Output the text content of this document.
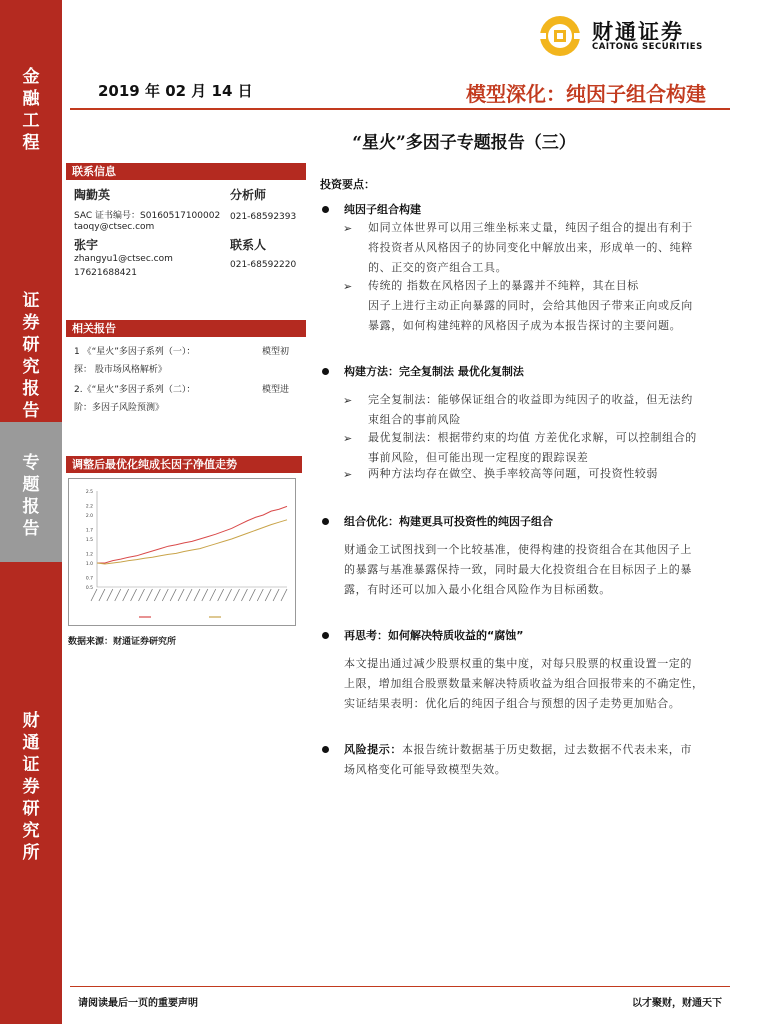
金
融
工
程
证
券
研
究
报
告
专
题
报
告
财
通
证
券
研
究
所
财通证券
CAITONG SECURITIES
2019 年 02 月 14 日	模型深化：纯因子组合构建
“星火”多因子专题报告（三）
联系信息
陶勤英	分析师
SAC 证书编号：S0160517100002 021-68592393
taoqy@ctsec.com
张宇	联系人
zhangyu1@ctsec.com
021-68592220
17621688421
相关报告
1 《“星火”多因子系列（一）：	模型初
探： 股市场风格解析》
2.《“星火”多因子系列（二）：	模型进
阶：多因子风险预测》
调整后最优化纯成长因子净值走势
2.5
2.2
2.0
1.7
1.5
1.2
1.0
0.7
0.5
数据来源：财通证券研究所
投资要点：
纯因子组合构建
➢ 如同立体世界可以用三维坐标来丈量，纯因子组合的提出有利于
将投资者从风格因子的协同变化中解放出来，形成单一的、纯粹
的、正交的资产组合工具。
➢ 传统的 指数在风格因子上的暴露并不纯粹，其在目标
因子上进行主动正向暴露的同时，会给其他因子带来正向或反向
暴露，如何构建纯粹的风格因子成为本报告探讨的主要问题。
构建方法：完全复制法 最优化复制法
➢ 完全复制法：能够保证组合的收益即为纯因子的收益，但无法约
束组合的事前风险
➢ 最优复制法：根据带约束的均值 方差优化求解，可以控制组合的
事前风险，但可能出现一定程度的跟踪误差
➢ 两种方法均存在做空、换手率较高等问题，可投资性较弱
组合优化：构建更具可投资性的纯因子组合
财通金工试图找到一个比较基准，使得构建的投资组合在其他因子上
的暴露与基准暴露保持一致，同时最大化投资组合在目标因子上的暴
露，有时还可以加入最小化组合风险作为目标函数。
再思考：如何解决特质收益的“腐蚀”
本文提出通过减少股票权重的集中度，对每只股票的权重设置一定的
上限，增加组合股票数量来解决特质收益为组合回报带来的不确定性，
实证结果表明：优化后的纯因子组合与预想的因子走势更加贴合。
风险提示：本报告统计数据基于历史数据，过去数据不代表未来，市
场风格变化可能导致模型失效。
请阅读最后一页的重要声明	以才聚财，财通天下
